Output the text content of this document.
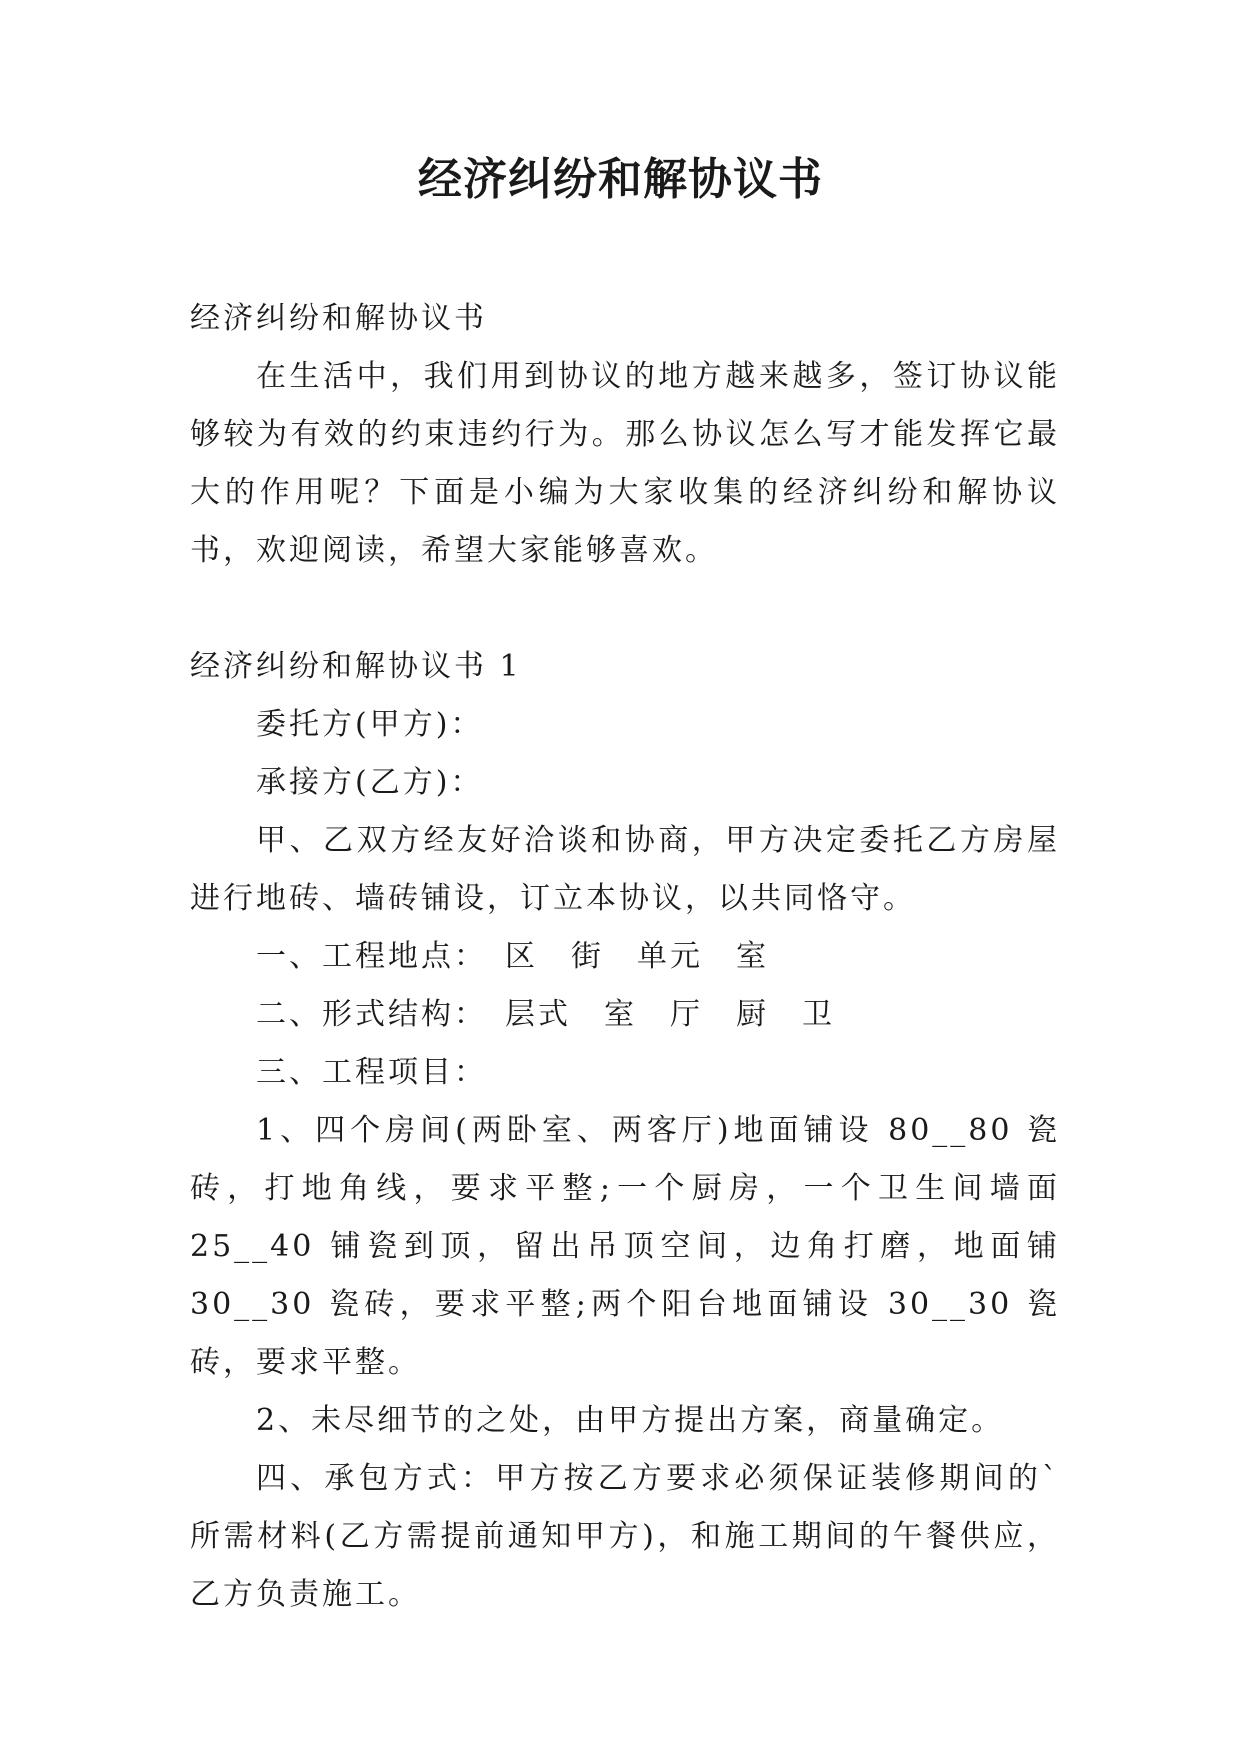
经济纠纷和解协议书

经济纠纷和解协议书

在生活中，我们用到协议的地方越来越多，签订协议能够较为有效的约束违约行为。那么协议怎么写才能发挥它最大的作用呢？下面是小编为大家收集的经济纠纷和解协议书，欢迎阅读，希望大家能够喜欢。

经济纠纷和解协议书 1

委托方(甲方)：

承接方(乙方)：

甲、乙双方经友好洽谈和协商，甲方决定委托乙方房屋进行地砖、墙砖铺设，订立本协议，以共同恪守。

一、工程地点：　区　街　单元　室

二、形式结构：　层式　室　厅　厨　卫

三、工程项目：

1、四个房间(两卧室、两客厅)地面铺设 80__80 瓷砖，打地角线，要求平整;一个厨房，一个卫生间墙面 25__40 铺瓷到顶，留出吊顶空间，边角打磨，地面铺 30__30 瓷砖，要求平整;两个阳台地面铺设 30__30 瓷砖，要求平整。

2、未尽细节的之处，由甲方提出方案，商量确定。

四、承包方式：甲方按乙方要求必须保证装修期间的`所需材料(乙方需提前通知甲方)，和施工期间的午餐供应，乙方负责施工。
